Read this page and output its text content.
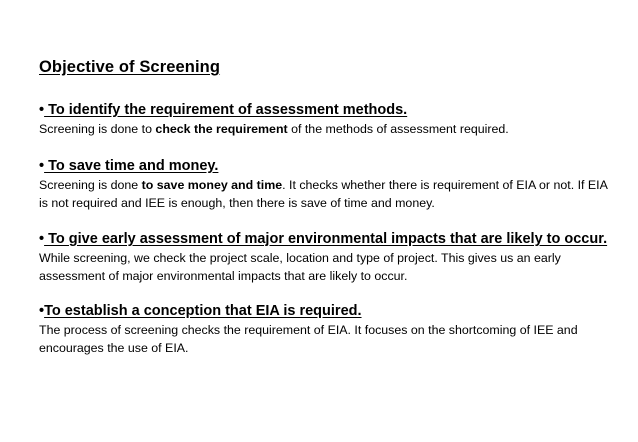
Objective of Screening
• To identify the requirement of assessment methods.
Screening is done to check the requirement of the methods of assessment required.
• To save time and money.
Screening is done to save money and time. It checks whether there is requirement of EIA or not. If EIA is not required and IEE is enough, then there is save of time and money.
• To give early assessment of major environmental impacts that are likely to occur.
While screening, we check the project scale, location and type of project. This gives us an early assessment of major environmental impacts that are likely to occur.
•To establish a conception that EIA is required.
The process of screening checks the requirement of EIA. It focuses on the shortcoming of IEE and encourages the use of EIA.
